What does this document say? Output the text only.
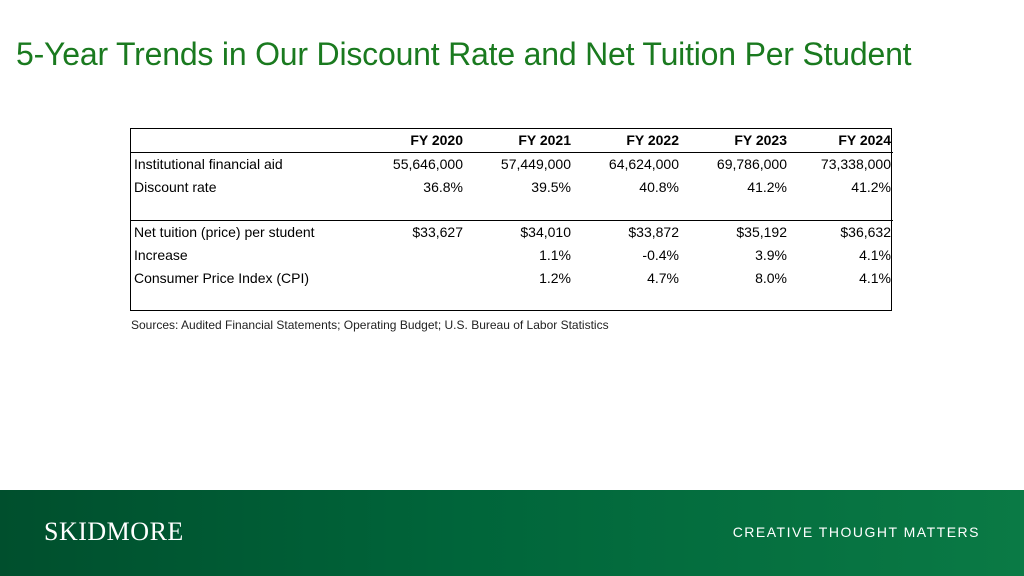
5-Year Trends in Our Discount Rate and Net Tuition Per Student
	FY 2020	FY 2021	FY 2022	FY 2023	FY 2024
Institutional financial aid	55,646,000	57,449,000	64,624,000	69,786,000	73,338,000
Discount rate	36.8%	39.5%	40.8%	41.2%	41.2%

Net tuition (price) per student	$33,627	$34,010	$33,872	$35,192	$36,632
Increase		1.1%	-0.4%	3.9%	4.1%
Consumer Price Index (CPI)		1.2%	4.7%	8.0%	4.1%
Sources: Audited Financial Statements; Operating Budget; U.S. Bureau of Labor Statistics
SKIDMORE	CREATIVE THOUGHT MATTERS
